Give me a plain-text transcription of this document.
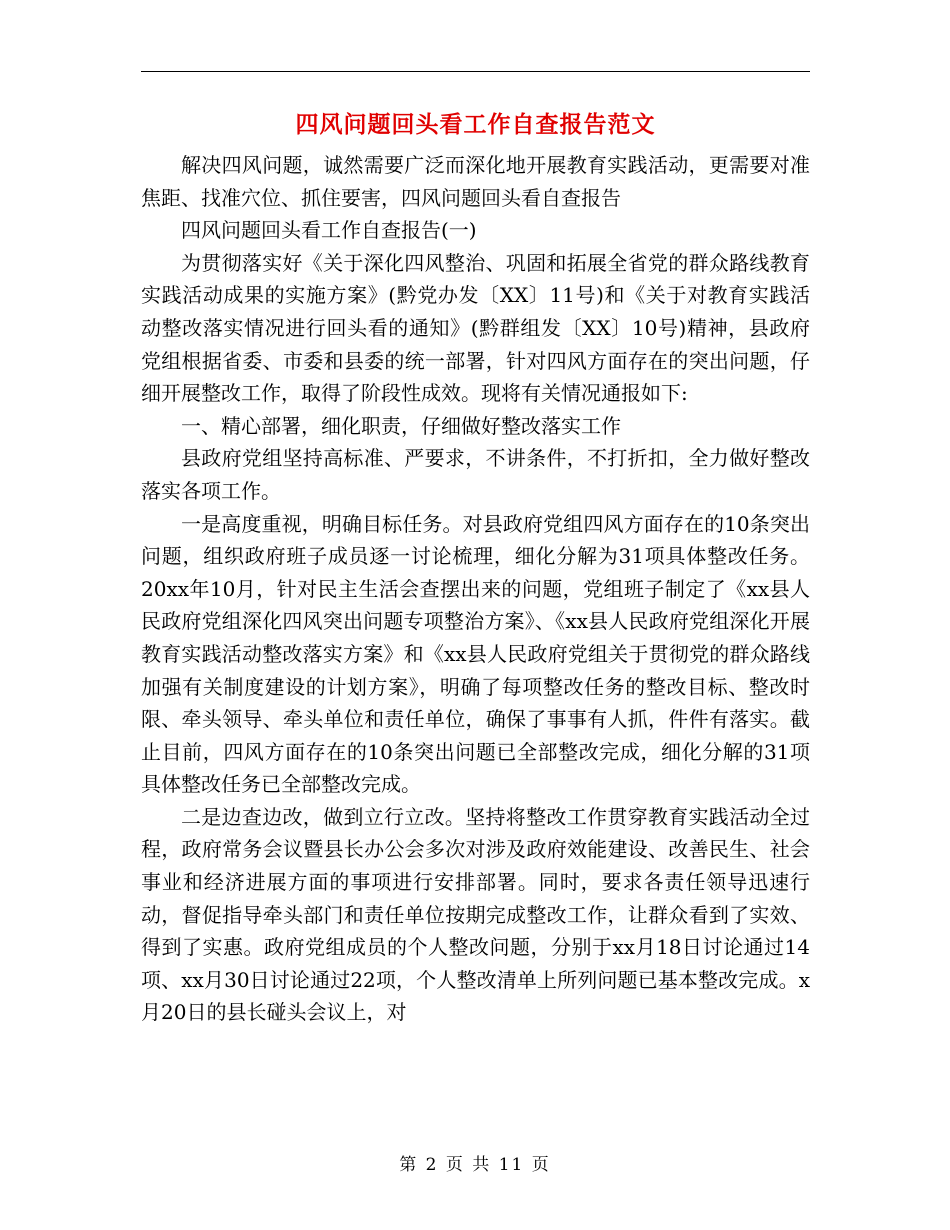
四风问题回头看工作自查报告范文

解决四风问题，诚然需要广泛而深化地开展教育实践活动，更需要对准焦距、找准穴位、抓住要害，四风问题回头看自查报告

四风问题回头看工作自查报告(一)

为贯彻落实好《关于深化四风整治、巩固和拓展全省党的群众路线教育实践活动成果的实施方案》(黔党办发〔XX〕11号)和《关于对教育实践活动整改落实情况进行回头看的通知》(黔群组发〔XX〕10号)精神，县政府党组根据省委、市委和县委的统一部署，针对四风方面存在的突出问题，仔细开展整改工作，取得了阶段性成效。现将有关情况通报如下:

一、精心部署，细化职责，仔细做好整改落实工作

县政府党组坚持高标准、严要求，不讲条件，不打折扣，全力做好整改落实各项工作。

一是高度重视，明确目标任务。对县政府党组四风方面存在的10条突出问题，组织政府班子成员逐一讨论梳理，细化分解为31项具体整改任务。20xx年10月，针对民主生活会查摆出来的问题，党组班子制定了《xx县人民政府党组深化四风突出问题专项整治方案》、《xx县人民政府党组深化开展教育实践活动整改落实方案》和《xx县人民政府党组关于贯彻党的群众路线加强有关制度建设的计划方案》，明确了每项整改任务的整改目标、整改时限、牵头领导、牵头单位和责任单位，确保了事事有人抓，件件有落实。截止目前，四风方面存在的10条突出问题已全部整改完成，细化分解的31项具体整改任务已全部整改完成。

二是边查边改，做到立行立改。坚持将整改工作贯穿教育实践活动全过程，政府常务会议暨县长办公会多次对涉及政府效能建设、改善民生、社会事业和经济进展方面的事项进行安排部署。同时，要求各责任领导迅速行动，督促指导牵头部门和责任单位按期完成整改工作，让群众看到了实效、得到了实惠。政府党组成员的个人整改问题，分别于xx月18日讨论通过14项、xx月30日讨论通过22项，个人整改清单上所列问题已基本整改完成。x月20日的县长碰头会议上，对

第 2 页 共 11 页
